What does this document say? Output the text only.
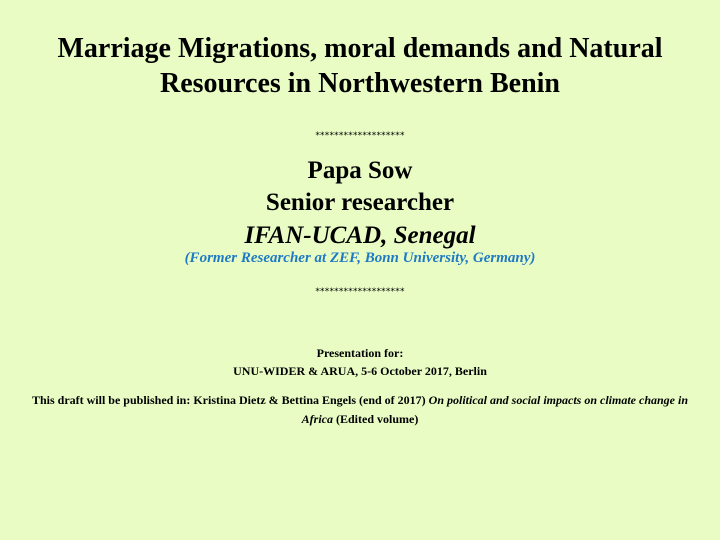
Marriage Migrations, moral demands and Natural
Resources in Northwestern Benin
*******************
Papa Sow
Senior researcher
IFAN-UCAD, Senegal
(Former Researcher at ZEF, Bonn University, Germany)
*******************
Presentation for:
UNU-WIDER & ARUA, 5-6 October 2017, Berlin
This draft will be published in: Kristina Dietz & Bettina Engels (end of 2017) On political and social impacts on climate change in Africa (Edited volume)
